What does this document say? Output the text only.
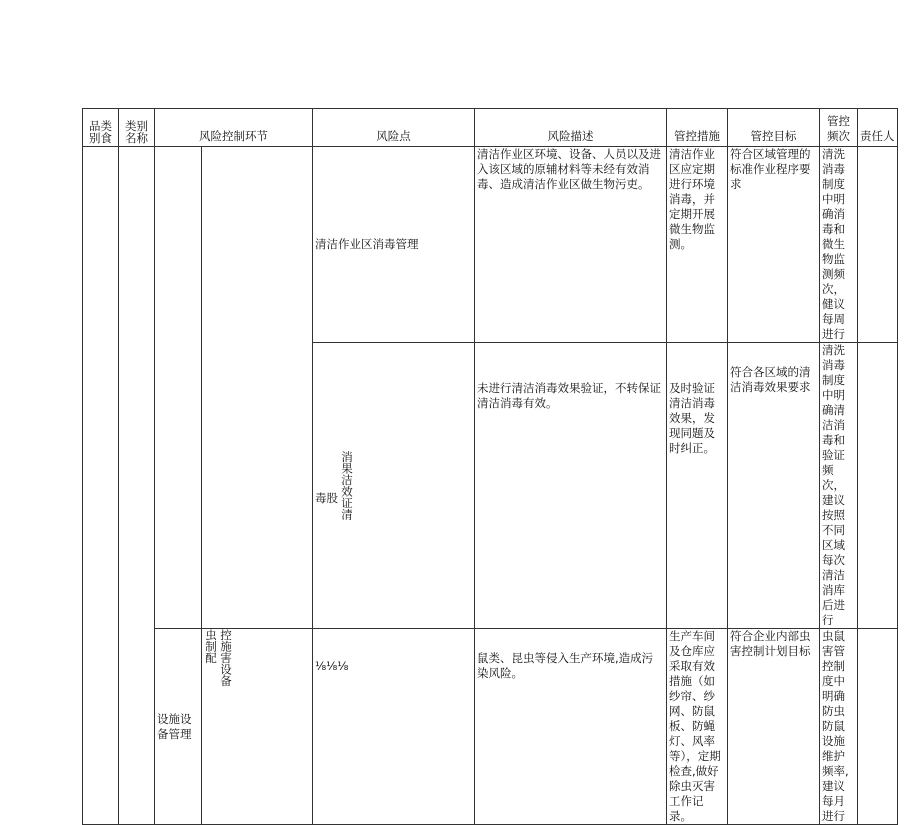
品类别食	类别名称	风险控制环节		风险点	风险描述	管控措施	管控目标	管控频次	责任人
				清洁作业区消毒管理	清洁作业区环境、设备、人员以及进入该区域的原辅材料等未经有效消毒、造成清洁作业区做生物污吏。	清洁作业区应定期进行环境消毒，并定期开展微生物监测。	符合区域管理的标准作业程序要求	清洗消毒制度中明确消毒和微生物监测频次，健议每周进行	

				毒股 消果洁效证清	未进行清洁消毒效果验证，不转保证清洁消毒有效。	及时验证清洁消毒效果，发现同题及时纠正。	符合各区域的清洁消毒效果要求	清洗消毒制度中明确清洁消毒和验证频次，建议按照不同区域每次清洁消库后进行	
		设施设备管理	虫制配 控施害设备	⅛⅛⅛	鼠类、昆虫等侵入生产环境,造成污染风险。	生产车间及仓库应采取有效措施（如纱帘、纱网、防鼠板、防蝇灯、风率等），定期检查,做好除虫灭害工作记录。	符合企业内部虫害控制计划目标	虫鼠害管控制度中明确防虫防鼠设施维护频率,建议每月进行	
